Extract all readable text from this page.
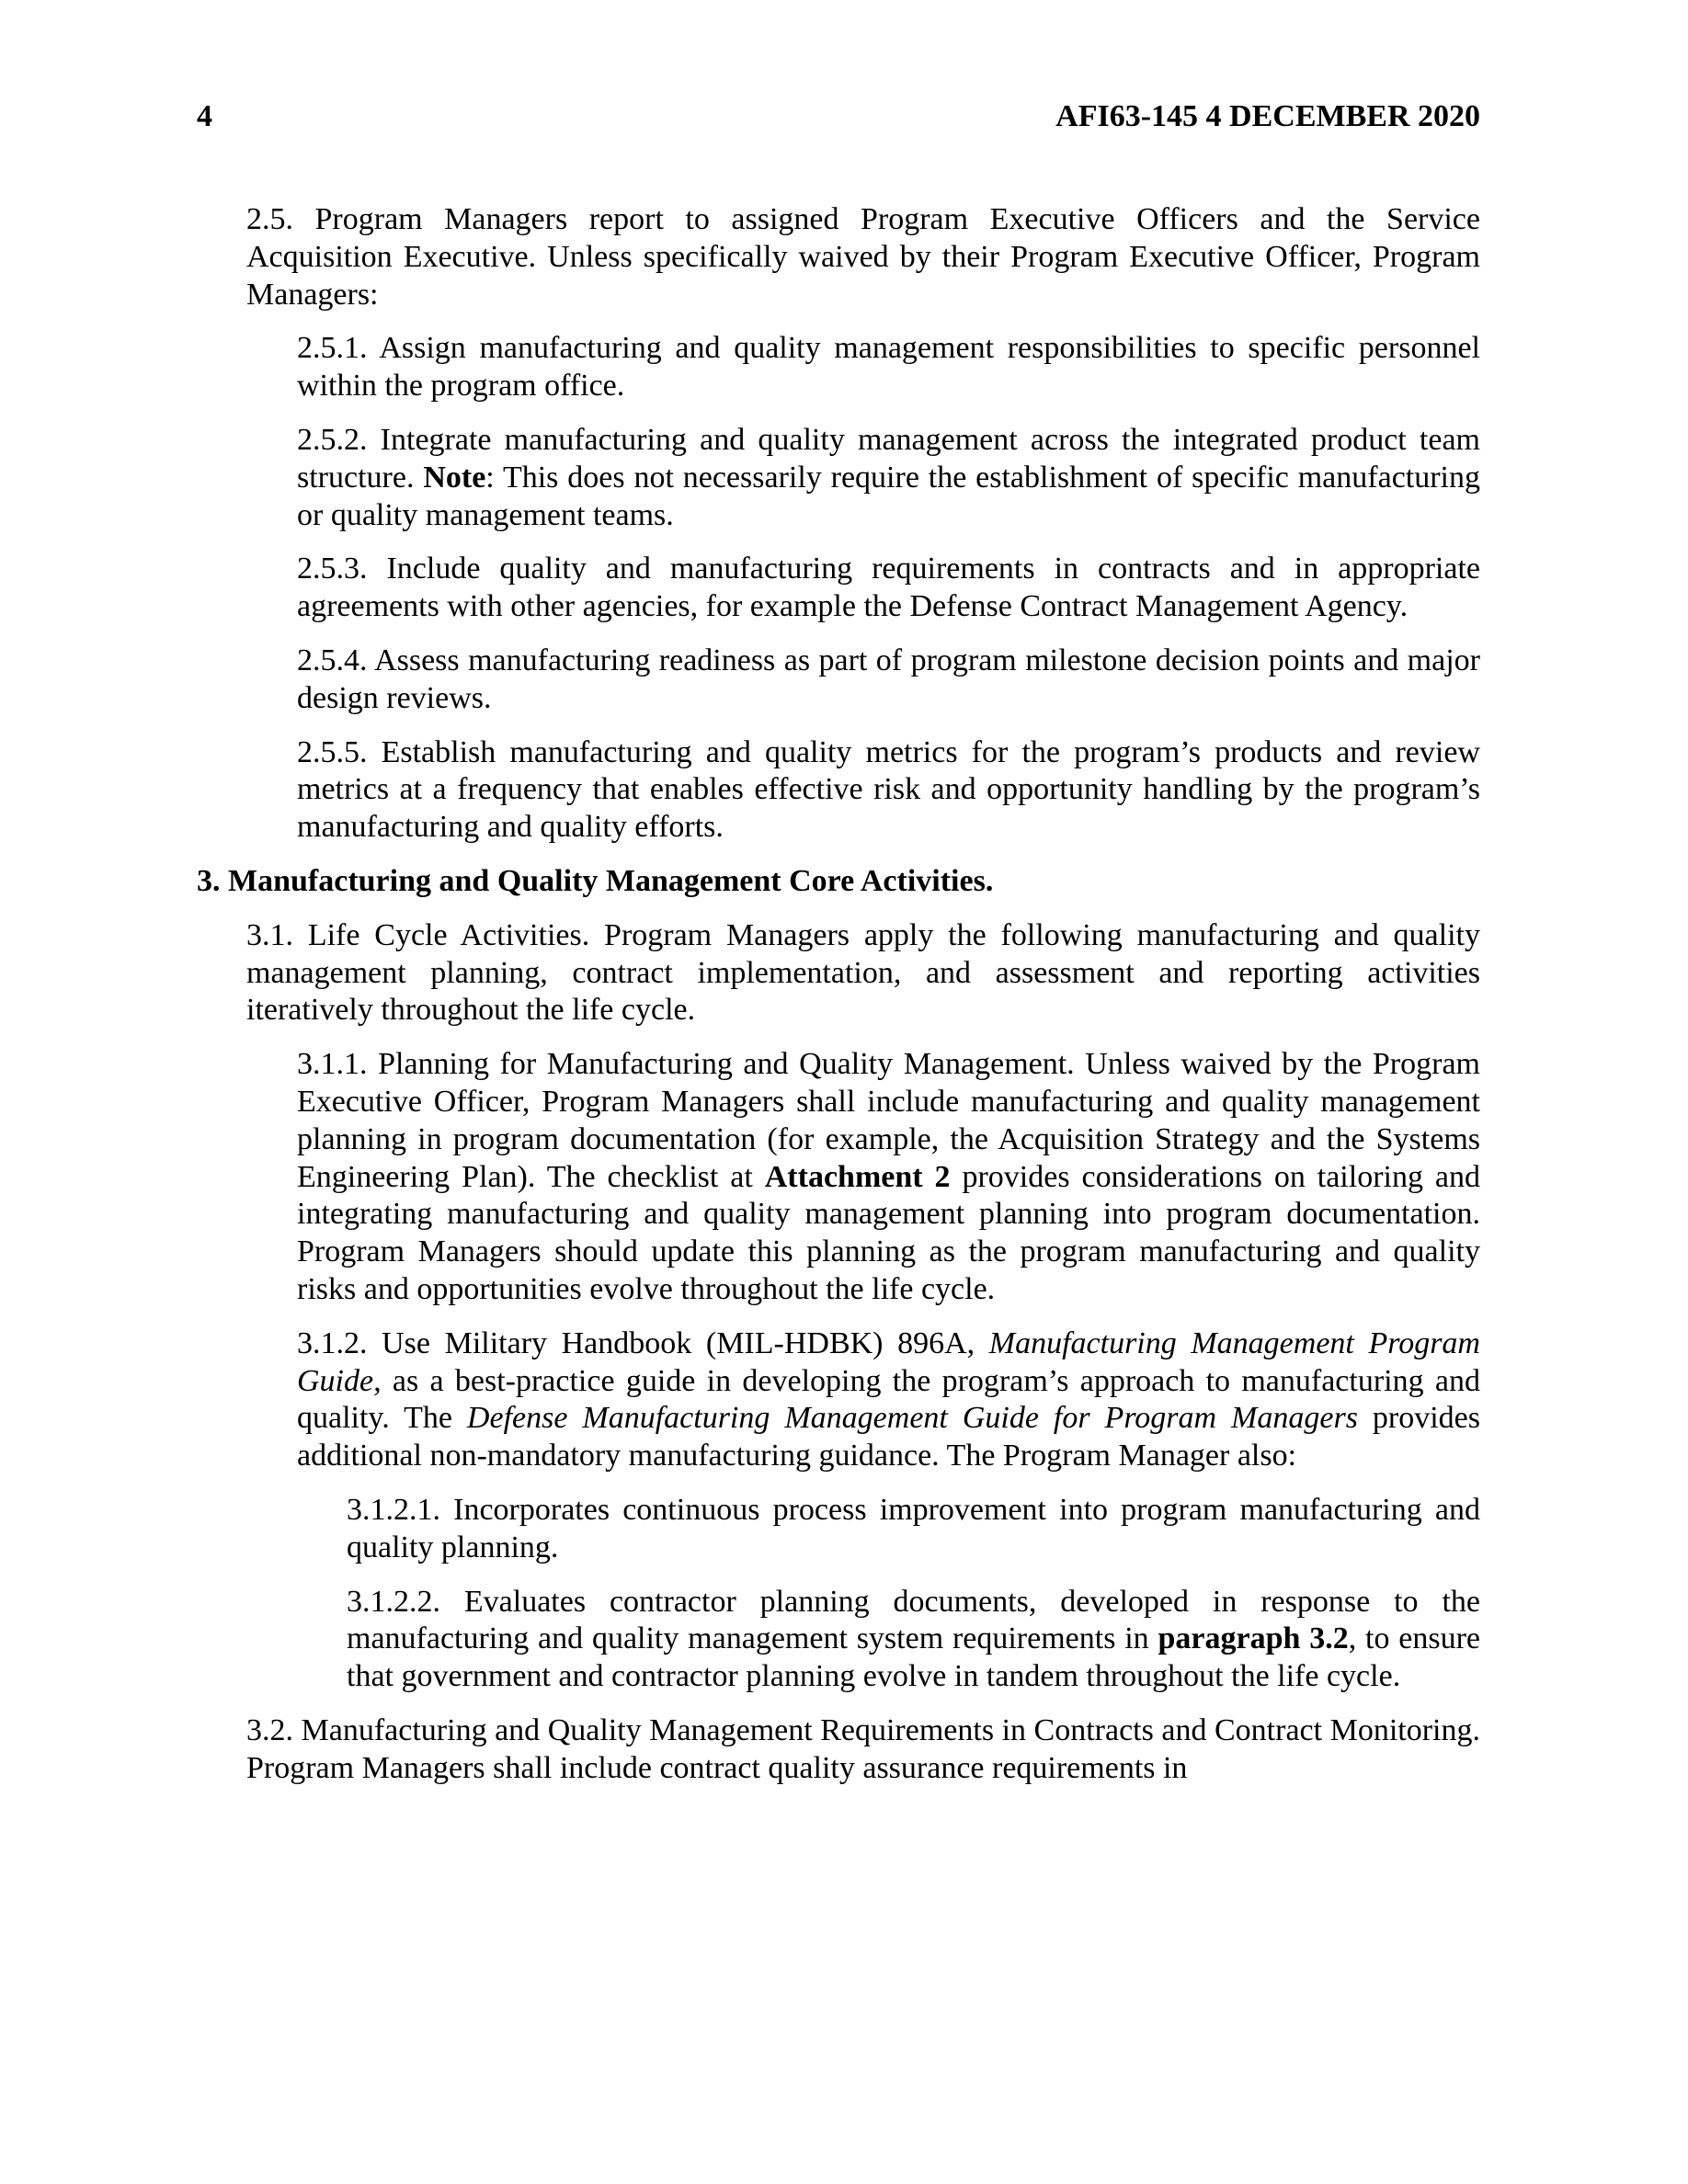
4	AFI63-145 4 DECEMBER 2020

2.5. Program Managers report to assigned Program Executive Officers and the Service Acquisition Executive. Unless specifically waived by their Program Executive Officer, Program Managers:

2.5.1. Assign manufacturing and quality management responsibilities to specific personnel within the program office.

2.5.2. Integrate manufacturing and quality management across the integrated product team structure. Note: This does not necessarily require the establishment of specific manufacturing or quality management teams.

2.5.3. Include quality and manufacturing requirements in contracts and in appropriate agreements with other agencies, for example the Defense Contract Management Agency.

2.5.4. Assess manufacturing readiness as part of program milestone decision points and major design reviews.

2.5.5. Establish manufacturing and quality metrics for the program’s products and review metrics at a frequency that enables effective risk and opportunity handling by the program’s manufacturing and quality efforts.

3. Manufacturing and Quality Management Core Activities.

3.1. Life Cycle Activities. Program Managers apply the following manufacturing and quality management planning, contract implementation, and assessment and reporting activities iteratively throughout the life cycle.

3.1.1. Planning for Manufacturing and Quality Management. Unless waived by the Program Executive Officer, Program Managers shall include manufacturing and quality management planning in program documentation (for example, the Acquisition Strategy and the Systems Engineering Plan). The checklist at Attachment 2 provides considerations on tailoring and integrating manufacturing and quality management planning into program documentation. Program Managers should update this planning as the program manufacturing and quality risks and opportunities evolve throughout the life cycle.

3.1.2. Use Military Handbook (MIL-HDBK) 896A, Manufacturing Management Program Guide, as a best-practice guide in developing the program’s approach to manufacturing and quality. The Defense Manufacturing Management Guide for Program Managers provides additional non-mandatory manufacturing guidance. The Program Manager also:

3.1.2.1. Incorporates continuous process improvement into program manufacturing and quality planning.

3.1.2.2. Evaluates contractor planning documents, developed in response to the manufacturing and quality management system requirements in paragraph 3.2, to ensure that government and contractor planning evolve in tandem throughout the life cycle.

3.2. Manufacturing and Quality Management Requirements in Contracts and Contract Monitoring. Program Managers shall include contract quality assurance requirements in
